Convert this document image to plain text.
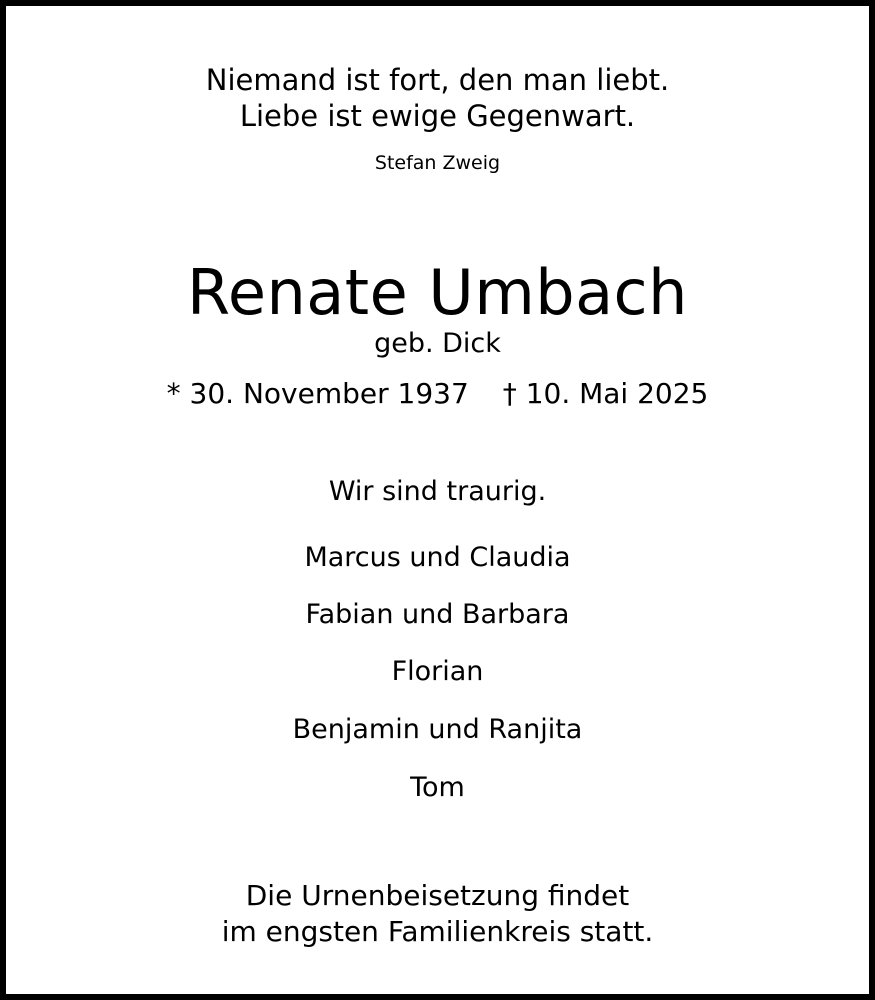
Niemand ist fort, den man liebt.
Liebe ist ewige Gegenwart.
Stefan Zweig
Renate Umbach
geb. Dick
* 30. November 1937 † 10. Mai 2025
Wir sind traurig.
Marcus und Claudia
Fabian und Barbara
Florian
Benjamin und Ranjita
Tom
Die Urnenbeisetzung findet
im engsten Familienkreis statt.
